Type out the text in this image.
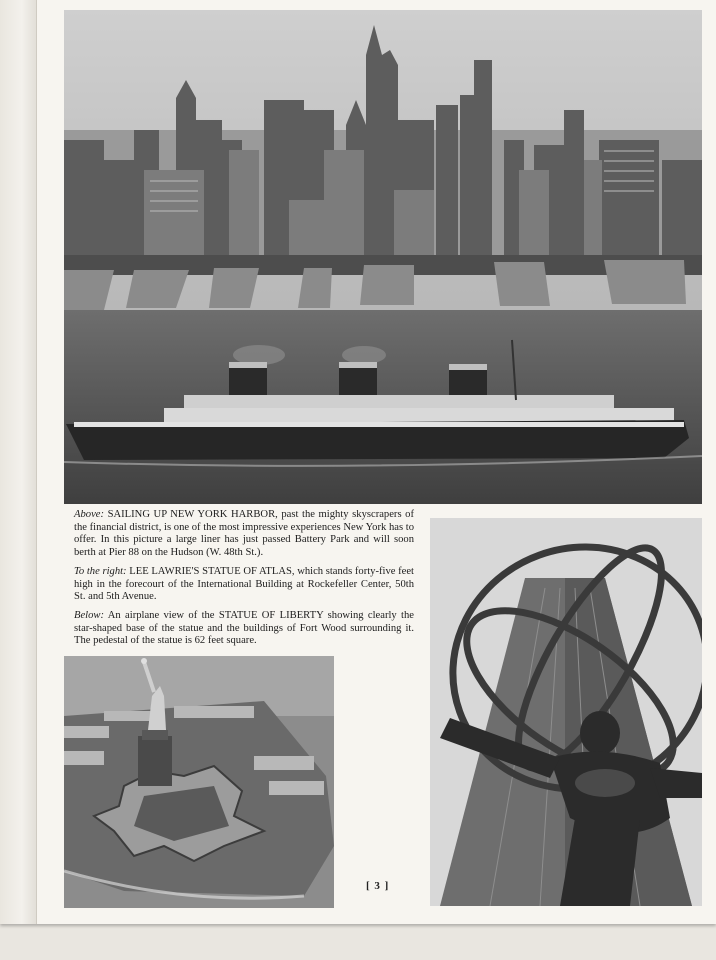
Above: SAILING UP NEW YORK HARBOR, past the mighty skyscrapers of the financial district, is one of the most impressive experiences New York has to offer. In this picture a large liner has just passed Battery Park and will soon berth at Pier 88 on the Hudson (W. 48th St.).

To the right: LEE LAWRIE'S STATUE OF ATLAS, which stands forty-five feet high in the forecourt of the International Building at Rockefeller Center, 50th St. and 5th Avenue.

Below: An airplane view of the STATUE OF LIBERTY showing clearly the star-shaped base of the statue and the buildings of Fort Wood surrounding it. The pedestal of the statue is 62 feet square.

[ 3 ]
